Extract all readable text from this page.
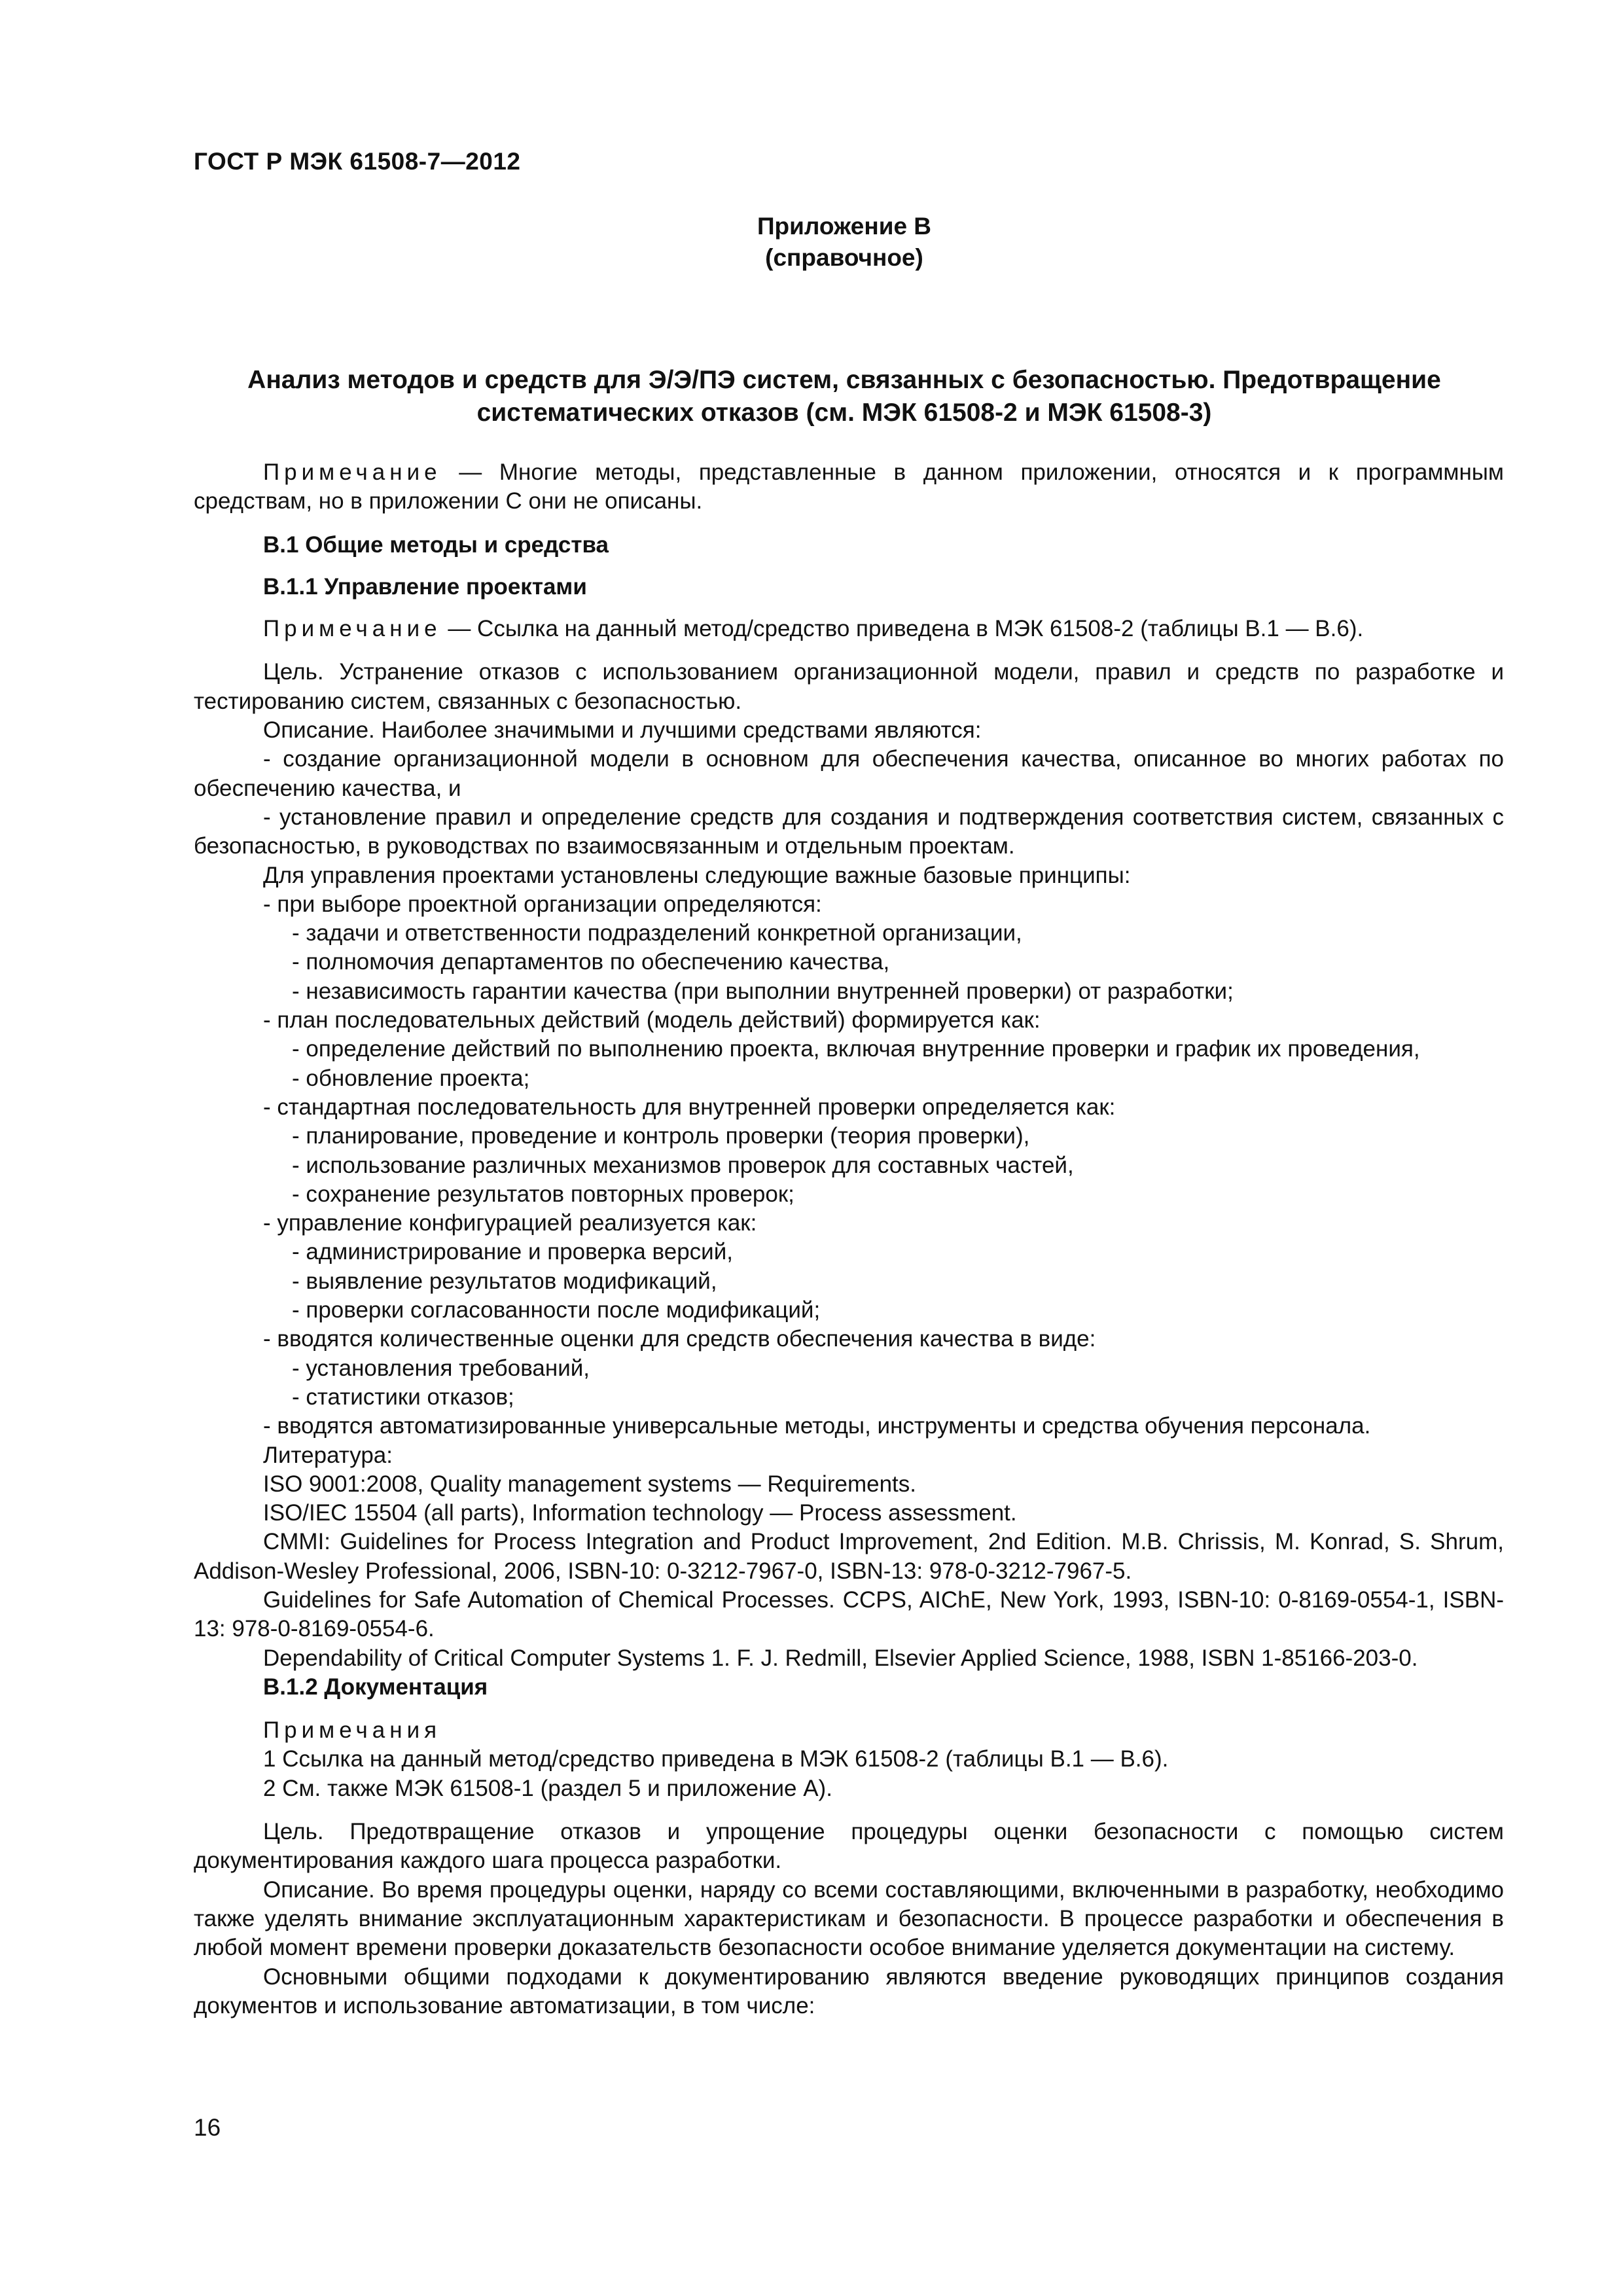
ГОСТ Р МЭК 61508-7—2012
Приложение В
(справочное)
Анализ методов и средств для Э/Э/ПЭ систем, связанных с безопасностью. Предотвращение
систематических отказов (см. МЭК 61508-2 и МЭК 61508-3)

Примечание — Многие методы, представленные в данном приложении, относятся и к программным средствам, но в приложении С они не описаны.

В.1 Общие методы и средства

В.1.1 Управление проектами

Примечание — Ссылка на данный метод/средство приведена в МЭК 61508-2 (таблицы В.1 — В.6).

Цель. Устранение отказов с использованием организационной модели, правил и средств по разработке и тестированию систем, связанных с безопасностью.

Описание. Наиболее значимыми и лучшими средствами являются:

- создание организационной модели в основном для обеспечения качества, описанное во многих работах по обеспечению качества, и

- установление правил и определение средств для создания и подтверждения соответствия систем, связанных с безопасностью, в руководствах по взаимосвязанным и отдельным проектам.

Для управления проектами установлены следующие важные базовые принципы:

- при выборе проектной организации определяются:

- задачи и ответственности подразделений конкретной организации,

- полномочия департаментов по обеспечению качества,

- независимость гарантии качества (при выполнии внутренней проверки) от разработки;

- план последовательных действий (модель действий) формируется как:

- определение действий по выполнению проекта, включая внутренние проверки и график их проведения,

- обновление проекта;

- стандартная последовательность для внутренней проверки определяется как:

- планирование, проведение и контроль проверки (теория проверки),

- использование различных механизмов проверок для составных частей,

- сохранение результатов повторных проверок;

- управление конфигурацией реализуется как:

- администрирование и проверка версий,

- выявление результатов модификаций,

- проверки согласованности после модификаций;

- вводятся количественные оценки для средств обеспечения качества в виде:

- установления требований,

- статистики отказов;

- вводятся автоматизированные универсальные методы, инструменты и средства обучения персонала.

Литература:

ISO 9001:2008, Quality management systems — Requirements.

ISO/IEC 15504 (all parts), Information technology — Process assessment.

CMMI: Guidelines for Process Integration and Product Improvement, 2nd Edition. M.B. Chrissis, M. Konrad, S. Shrum, Addison-Wesley Professional, 2006, ISBN-10: 0-3212-7967-0, ISBN-13: 978-0-3212-7967-5.

Guidelines for Safe Automation of Chemical Processes. CCPS, AIChE, New York, 1993, ISBN-10: 0-8169-0554-1, ISBN-13: 978-0-8169-0554-6.

Dependability of Critical Computer Systems 1. F. J. Redmill, Elsevier Applied Science, 1988, ISBN 1-85166-203-0.

В.1.2 Документация

Примечания

1 Ссылка на данный метод/средство приведена в МЭК 61508-2 (таблицы В.1 — В.6).

2 См. также МЭК 61508-1 (раздел 5 и приложение А).

Цель. Предотвращение отказов и упрощение процедуры оценки безопасности с помощью систем документирования каждого шага процесса разработки.

Описание. Во время процедуры оценки, наряду со всеми составляющими, включенными в разработку, необходимо также уделять внимание эксплуатационным характеристикам и безопасности. В процессе разработки и обеспечения в любой момент времени проверки доказательств безопасности особое внимание уделяется документации на систему.

Основными общими подходами к документированию являются введение руководящих принципов создания документов и использование автоматизации, в том числе:

16
